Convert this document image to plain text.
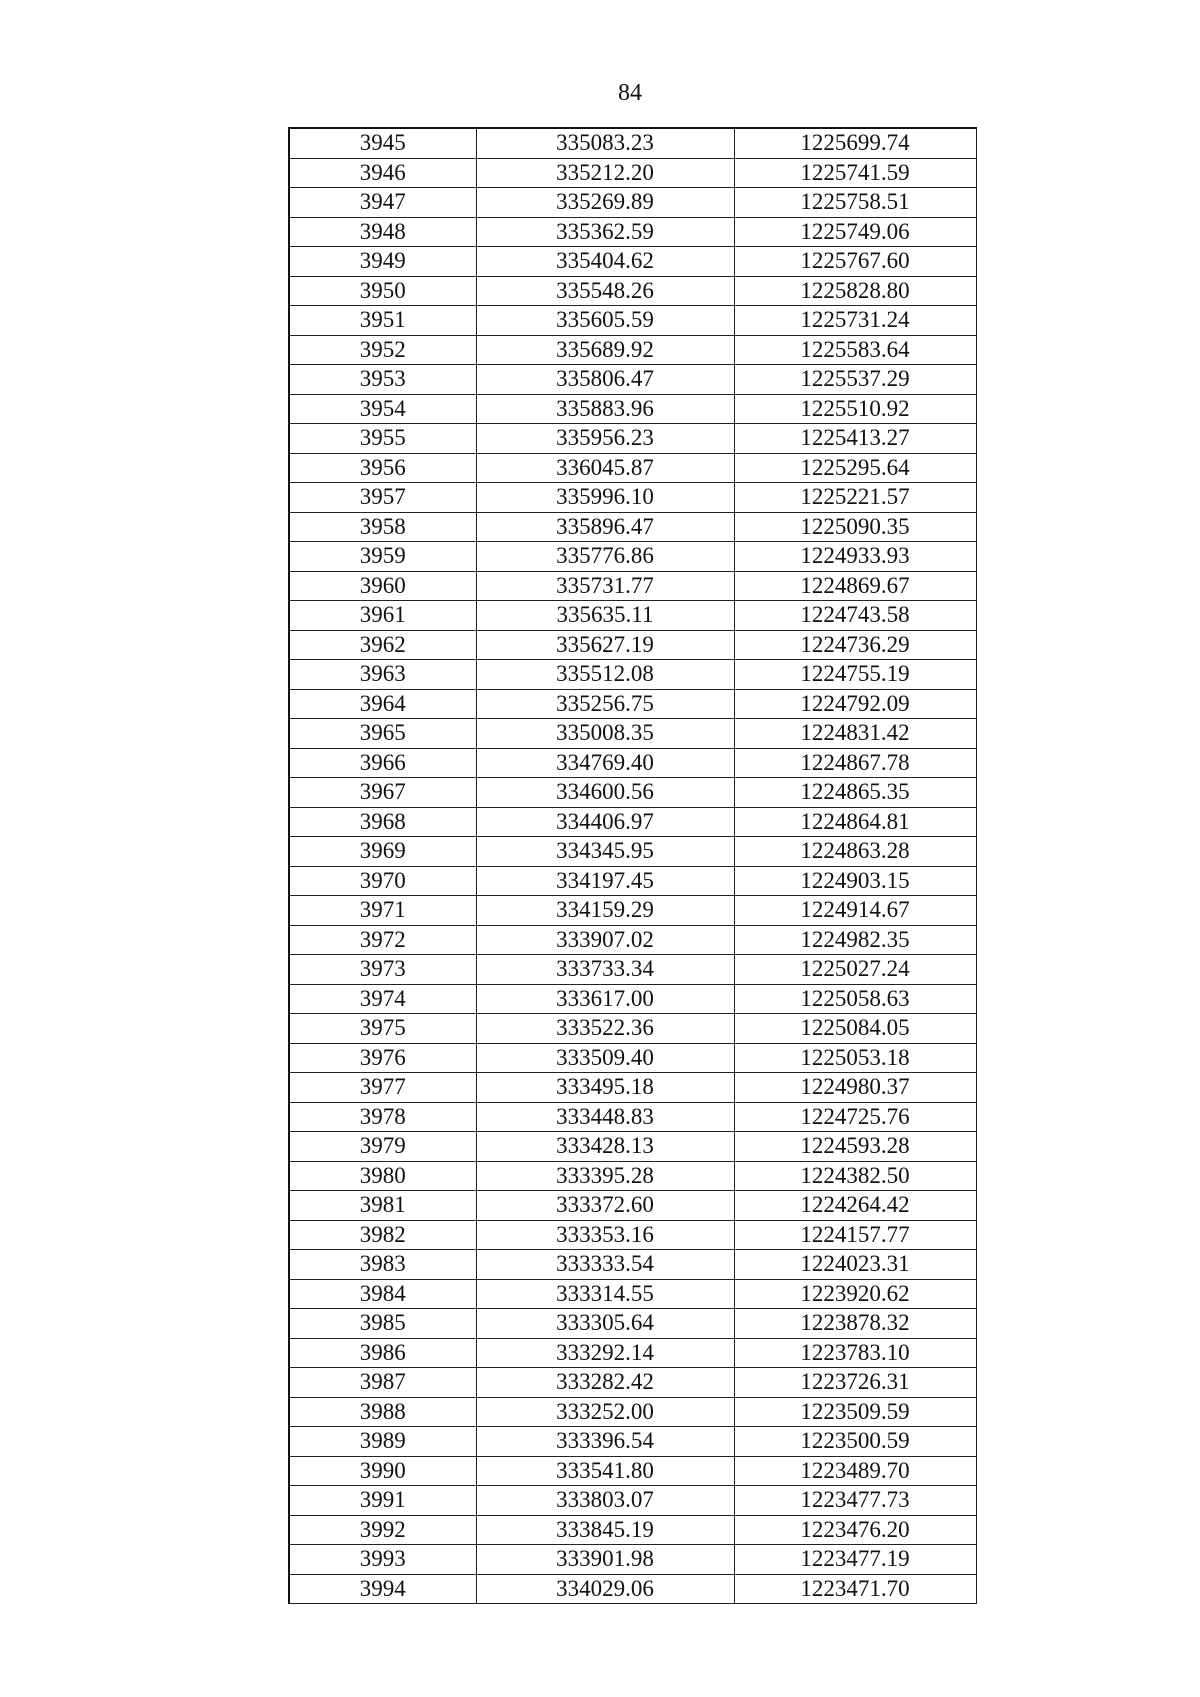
84
3945	335083.23	1225699.74
3946	335212.20	1225741.59
3947	335269.89	1225758.51
3948	335362.59	1225749.06
3949	335404.62	1225767.60
3950	335548.26	1225828.80
3951	335605.59	1225731.24
3952	335689.92	1225583.64
3953	335806.47	1225537.29
3954	335883.96	1225510.92
3955	335956.23	1225413.27
3956	336045.87	1225295.64
3957	335996.10	1225221.57
3958	335896.47	1225090.35
3959	335776.86	1224933.93
3960	335731.77	1224869.67
3961	335635.11	1224743.58
3962	335627.19	1224736.29
3963	335512.08	1224755.19
3964	335256.75	1224792.09
3965	335008.35	1224831.42
3966	334769.40	1224867.78
3967	334600.56	1224865.35
3968	334406.97	1224864.81
3969	334345.95	1224863.28
3970	334197.45	1224903.15
3971	334159.29	1224914.67
3972	333907.02	1224982.35
3973	333733.34	1225027.24
3974	333617.00	1225058.63
3975	333522.36	1225084.05
3976	333509.40	1225053.18
3977	333495.18	1224980.37
3978	333448.83	1224725.76
3979	333428.13	1224593.28
3980	333395.28	1224382.50
3981	333372.60	1224264.42
3982	333353.16	1224157.77
3983	333333.54	1224023.31
3984	333314.55	1223920.62
3985	333305.64	1223878.32
3986	333292.14	1223783.10
3987	333282.42	1223726.31
3988	333252.00	1223509.59
3989	333396.54	1223500.59
3990	333541.80	1223489.70
3991	333803.07	1223477.73
3992	333845.19	1223476.20
3993	333901.98	1223477.19
3994	334029.06	1223471.70
